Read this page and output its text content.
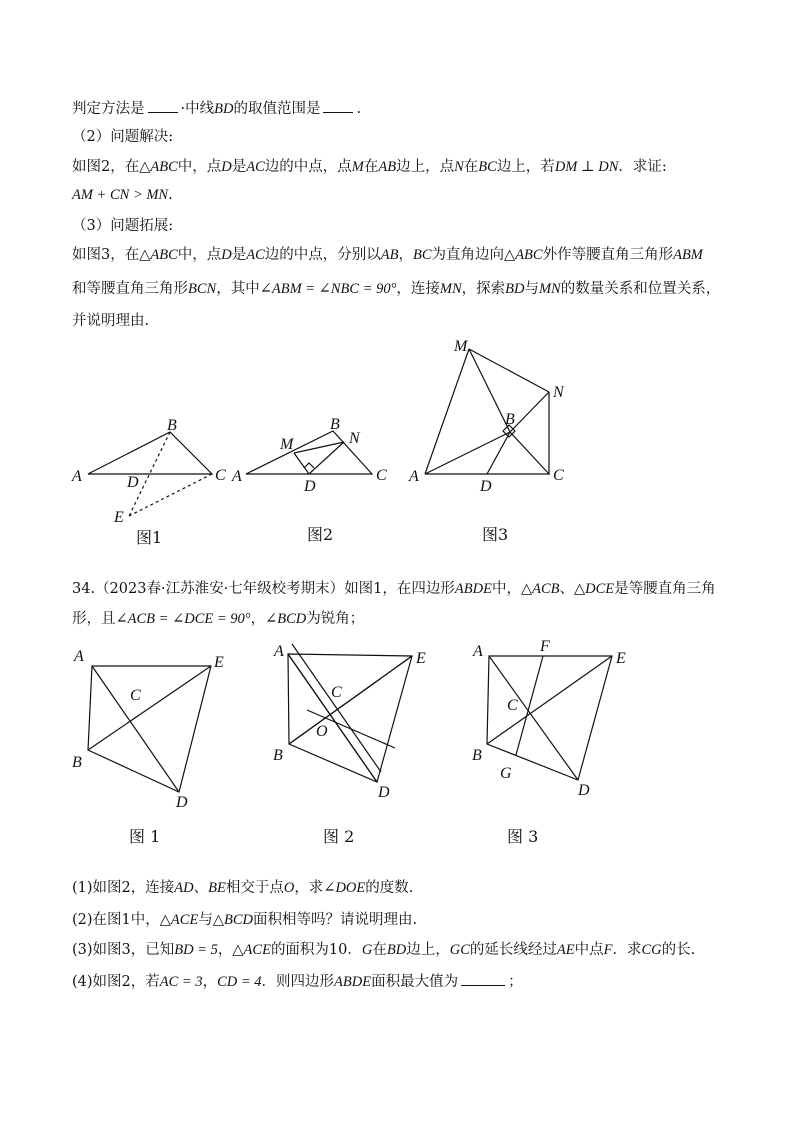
判定方法是 ·中线BD的取值范围是 .
（2）问题解决:
如图2，在△ABC中，点D是AC边的中点，点M在AB边上，点N在BC边上，若DM ⊥ DN．求证:
AM + CN > MN.
（3）问题拓展:
如图3，在△ABC中，点D是AC边的中点，分别以AB，BC为直角边向△ABC外作等腰直角三角形ABM
和等腰直角三角形BCN，其中∠ABM = ∠NBC = 90°，连接MN，探索BD与MN的数量关系和位置关系，
并说明理由.
34.（2023春·江苏淮安·七年级校考期末）如图1，在四边形ABDE中，△ACB、△DCE是等腰直角三角
形，且∠ACB = ∠DCE = 90°，∠BCD为锐角；
(1)如图2，连接AD、BE相交于点O，求∠DOE的度数.
(2)在图1中，△ACE与△BCD面积相等吗？请说明理由.
(3)如图3，已知BD = 5，△ACE的面积为10．G在BD边上，GC的延长线经过AE中点F．求CG的长.
(4)如图2，若AC = 3，CD = 4．则四边形ABDE面积最大值为	；
A
B
C
D
E
图1
A
B
C
D
M	N
图2
A
B
C
D
M
N
图3
A
B
C
D
E
图 1
A
B
C
D
E
O
图 2
A
B
C
D
E
F
G
图 3
